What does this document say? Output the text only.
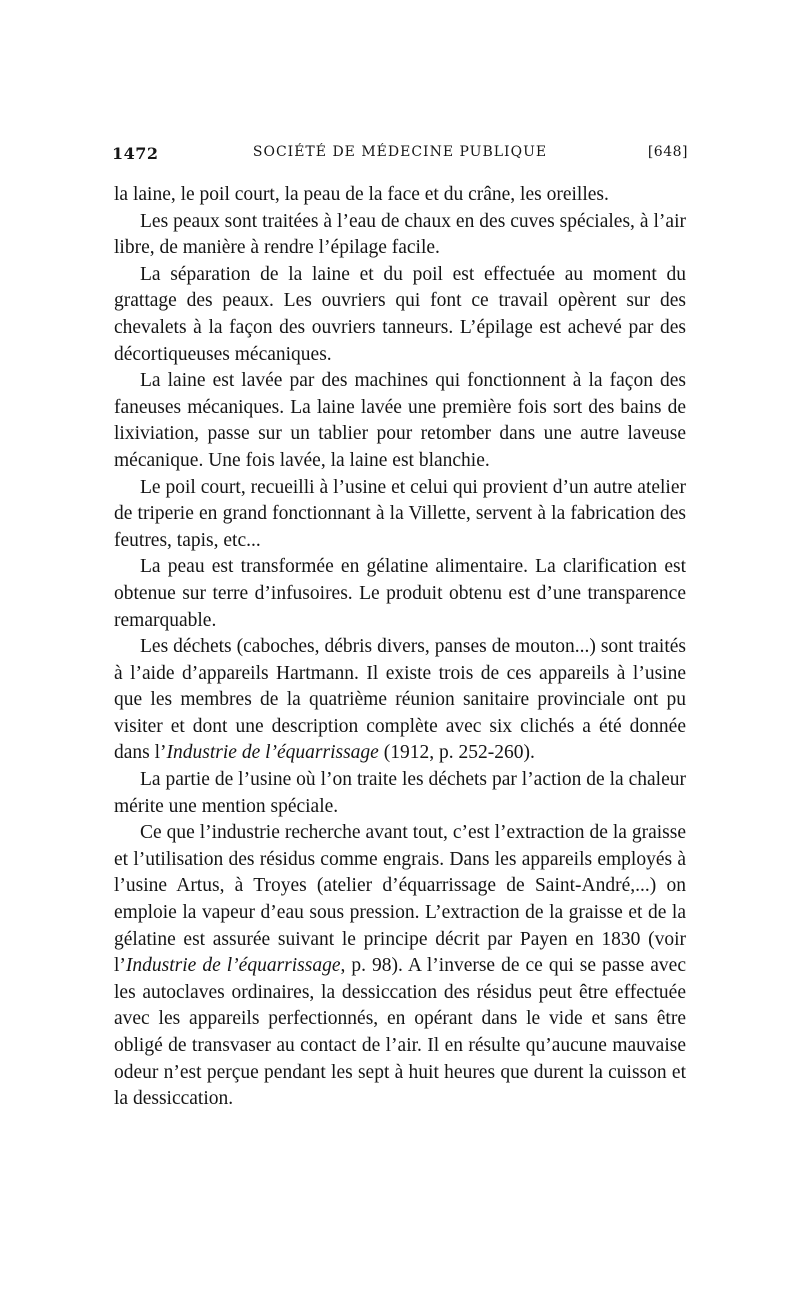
1472	SOCIÉTÉ DE MÉDECINE PUBLIQUE	[648]

la laine, le poil court, la peau de la face et du crâne, les oreilles.

Les peaux sont traitées à l’eau de chaux en des cuves spéciales, à l’air libre, de manière à rendre l’épilage facile.

La séparation de la laine et du poil est effectuée au moment du grattage des peaux. Les ouvriers qui font ce travail opèrent sur des chevalets à la façon des ouvriers tanneurs. L’épilage est achevé par des décortiqueuses mécaniques.

La laine est lavée par des machines qui fonctionnent à la façon des faneuses mécaniques. La laine lavée une première fois sort des bains de lixiviation, passe sur un tablier pour retomber dans une autre laveuse mécanique. Une fois lavée, la laine est blanchie.

Le poil court, recueilli à l’usine et celui qui provient d’un autre atelier de triperie en grand fonctionnant à la Villette, servent à la fabrication des feutres, tapis, etc...

La peau est transformée en gélatine alimentaire. La clarification est obtenue sur terre d’infusoires. Le produit obtenu est d’une transparence remarquable.

Les déchets (caboches, débris divers, panses de mouton...) sont traités à l’aide d’appareils Hartmann. Il existe trois de ces appareils à l’usine que les membres de la quatrième réunion sanitaire provinciale ont pu visiter et dont une description complète avec six clichés a été donnée dans l’Industrie de l’équarrissage (1912, p. 252-260).

La partie de l’usine où l’on traite les déchets par l’action de la chaleur mérite une mention spéciale.

Ce que l’industrie recherche avant tout, c’est l’extraction de la graisse et l’utilisation des résidus comme engrais. Dans les appareils employés à l’usine Artus, à Troyes (atelier d’équarrissage de Saint-André,...) on emploie la vapeur d’eau sous pression. L’extraction de la graisse et de la gélatine est assurée suivant le principe décrit par Payen en 1830 (voir l’Industrie de l’équarrissage, p. 98). A l’inverse de ce qui se passe avec les autoclaves ordinaires, la dessiccation des résidus peut être effectuée avec les appareils perfectionnés, en opérant dans le vide et sans être obligé de transvaser au contact de l’air. Il en résulte qu’aucune mauvaise odeur n’est perçue pendant les sept à huit heures que durent la cuisson et la dessiccation.
